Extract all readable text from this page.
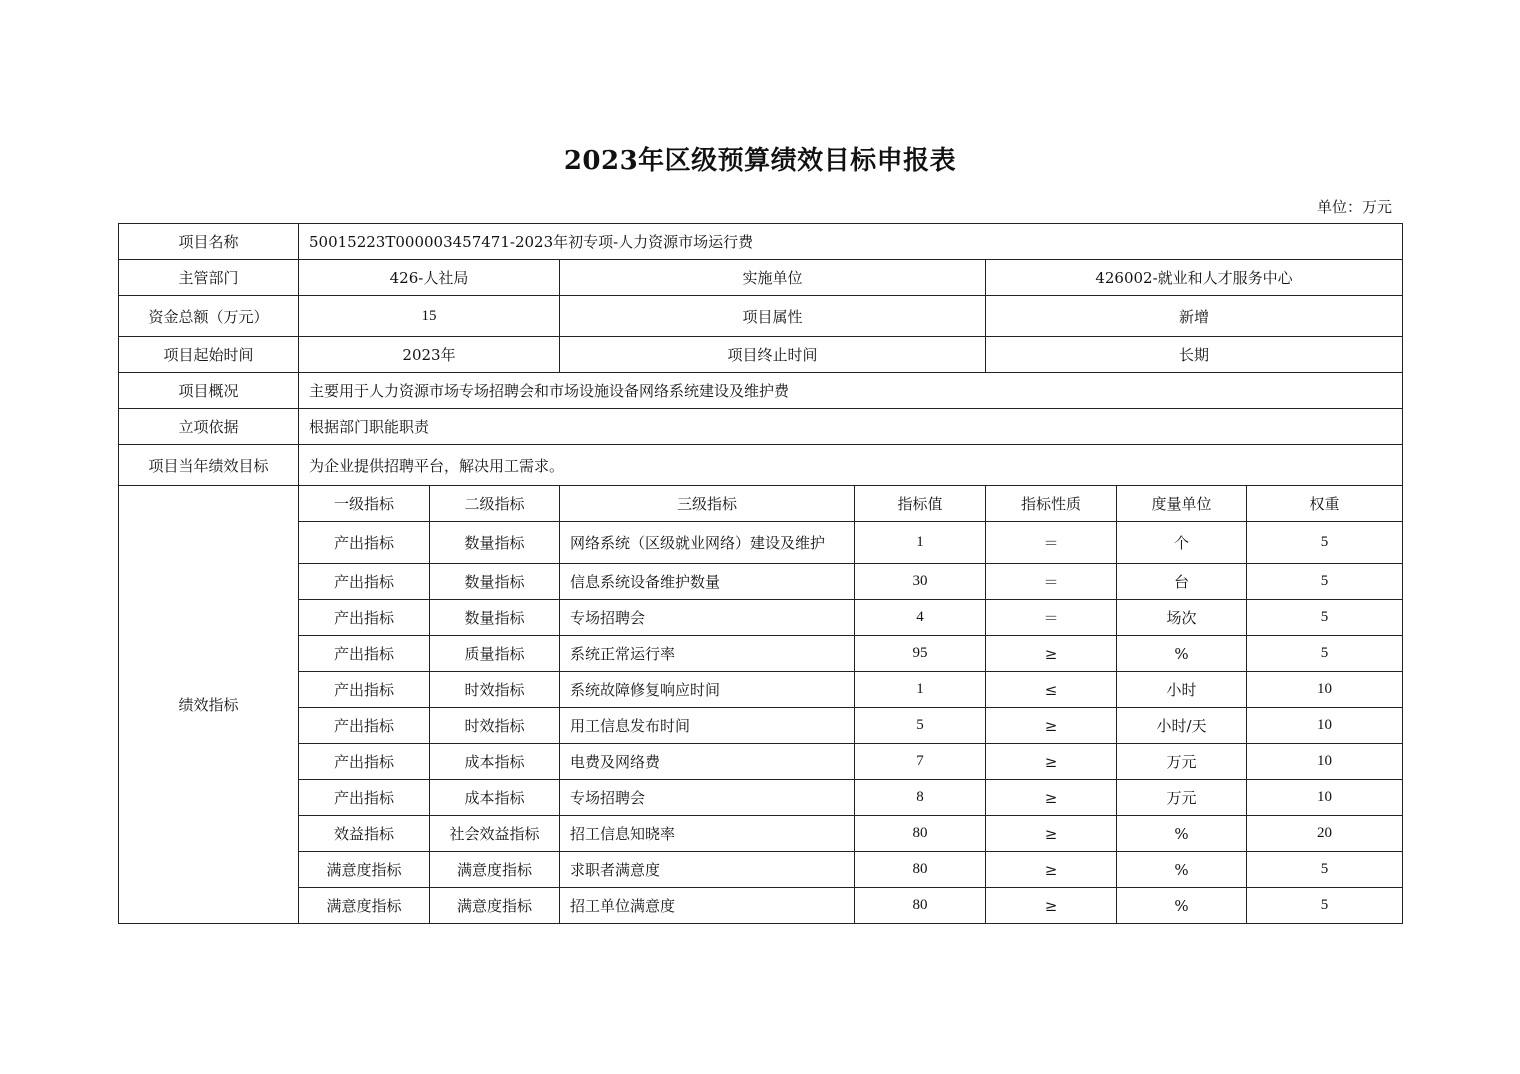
2023年区级预算绩效目标申报表
单位：万元
项目名称	50015223T000003457471-2023年初专项-人力资源市场运行费						
主管部门	426-人社局		实施单位		426002-就业和人才服务中心		
资金总额（万元）	15		项目属性		新增		
项目起始时间	2023年		项目终止时间		长期		
项目概况	主要用于人力资源市场专场招聘会和市场设施设备网络系统建设及维护费						
立项依据	根据部门职能职责						
项目当年绩效目标	为企业提供招聘平台，解决用工需求。						
绩效指标	一级指标	二级指标	三级指标	指标值	指标性质	度量单位	权重
	产出指标	数量指标	网络系统（区级就业网络）建设及维护	1	＝	个	5
	产出指标	数量指标	信息系统设备维护数量	30	＝	台	5
	产出指标	数量指标	专场招聘会	4	＝	场次	5
	产出指标	质量指标	系统正常运行率	95	≥	%	5
	产出指标	时效指标	系统故障修复响应时间	1	≤	小时	10
	产出指标	时效指标	用工信息发布时间	5	≥	小时/天	10
	产出指标	成本指标	电费及网络费	7	≥	万元	10
	产出指标	成本指标	专场招聘会	8	≥	万元	10
	效益指标	社会效益指标	招工信息知晓率	80	≥	%	20
	满意度指标	满意度指标	求职者满意度	80	≥	%	5
	满意度指标	满意度指标	招工单位满意度	80	≥	%	5
